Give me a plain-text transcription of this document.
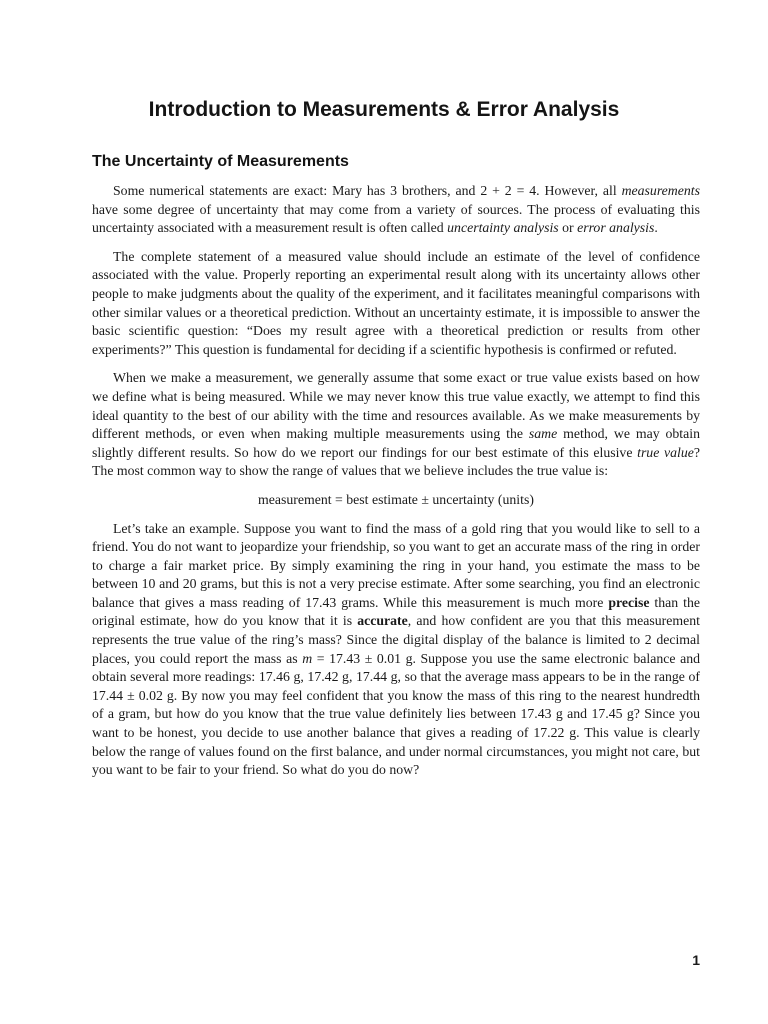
Introduction to Measurements & Error Analysis
The Uncertainty of Measurements

Some numerical statements are exact: Mary has 3 brothers, and 2 + 2 = 4. However, all measurements have some degree of uncertainty that may come from a variety of sources. The process of evaluating this uncertainty associated with a measurement result is often called uncertainty analysis or error analysis.

The complete statement of a measured value should include an estimate of the level of confidence associated with the value. Properly reporting an experimental result along with its uncertainty allows other people to make judgments about the quality of the experiment, and it facilitates meaningful comparisons with other similar values or a theoretical prediction. Without an uncertainty estimate, it is impossible to answer the basic scientific question: “Does my result agree with a theoretical prediction or results from other experiments?” This question is fundamental for deciding if a scientific hypothesis is confirmed or refuted.

When we make a measurement, we generally assume that some exact or true value exists based on how we define what is being measured. While we may never know this true value exactly, we attempt to find this ideal quantity to the best of our ability with the time and resources available. As we make measurements by different methods, or even when making multiple measurements using the same method, we may obtain slightly different results. So how do we report our findings for our best estimate of this elusive true value? The most common way to show the range of values that we believe includes the true value is:

measurement = best estimate ± uncertainty (units)

Let’s take an example. Suppose you want to find the mass of a gold ring that you would like to sell to a friend. You do not want to jeopardize your friendship, so you want to get an accurate mass of the ring in order to charge a fair market price. By simply examining the ring in your hand, you estimate the mass to be between 10 and 20 grams, but this is not a very precise estimate. After some searching, you find an electronic balance that gives a mass reading of 17.43 grams. While this measurement is much more precise than the original estimate, how do you know that it is accurate, and how confident are you that this measurement represents the true value of the ring’s mass? Since the digital display of the balance is limited to 2 decimal places, you could report the mass as m = 17.43 ± 0.01 g. Suppose you use the same electronic balance and obtain several more readings: 17.46 g, 17.42 g, 17.44 g, so that the average mass appears to be in the range of 17.44 ± 0.02 g. By now you may feel confident that you know the mass of this ring to the nearest hundredth of a gram, but how do you know that the true value definitely lies between 17.43 g and 17.45 g? Since you want to be honest, you decide to use another balance that gives a reading of 17.22 g. This value is clearly below the range of values found on the first balance, and under normal circumstances, you might not care, but you want to be fair to your friend. So what do you do now?

1
